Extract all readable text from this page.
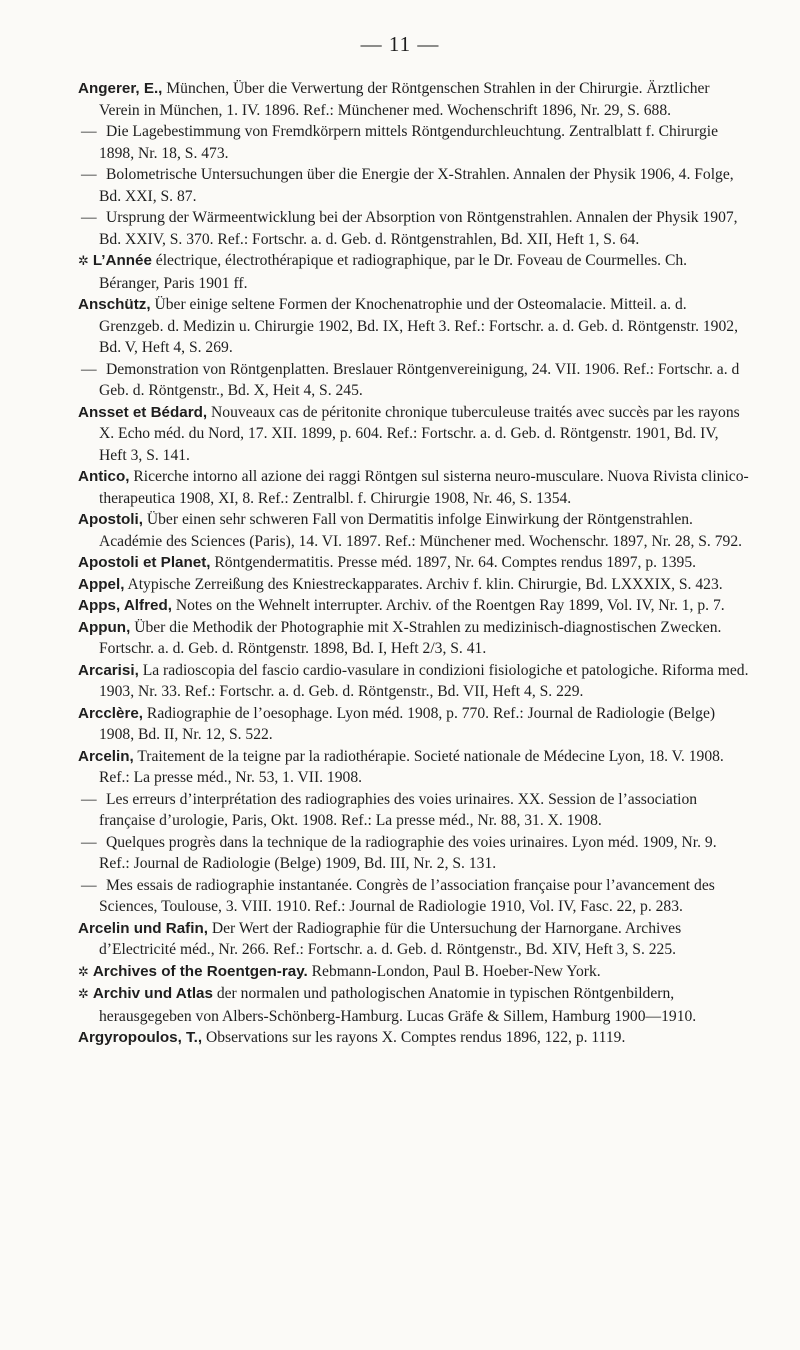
— 11 —

Angerer, E., München, Über die Verwertung der Röntgenschen Strahlen in der Chirurgie. Ärztlicher Verein in München, 1. IV. 1896. Ref.: Münchener med. Wochenschrift 1896, Nr. 29, S. 688.

— Die Lagebestimmung von Fremdkörpern mittels Röntgendurchleuchtung. Zentralblatt f. Chirurgie 1898, Nr. 18, S. 473.

— Bolometrische Untersuchungen über die Energie der X-Strahlen. Annalen der Physik 1906, 4. Folge, Bd. XXI, S. 87.

— Ursprung der Wärmeentwicklung bei der Absorption von Röntgenstrahlen. Annalen der Physik 1907, Bd. XXIV, S. 370. Ref.: Fortschr. a. d. Geb. d. Röntgenstrahlen, Bd. XII, Heft 1, S. 64.

✲ L’Année électrique, électrothérapique et radiographique, par le Dr. Foveau de Courmelles. Ch. Béranger, Paris 1901 ff.

Anschütz, Über einige seltene Formen der Knochenatrophie und der Osteomalacie. Mitteil. a. d. Grenzgeb. d. Medizin u. Chirurgie 1902, Bd. IX, Heft 3. Ref.: Fortschr. a. d. Geb. d. Röntgenstr. 1902, Bd. V, Heft 4, S. 269.

— Demonstration von Röntgenplatten. Breslauer Röntgenvereinigung, 24. VII. 1906. Ref.: Fortschr. a. d Geb. d. Röntgenstr., Bd. X, Heit 4, S. 245.

Ansset et Bédard, Nouveaux cas de péritonite chronique tuberculeuse traités avec succès par les rayons X. Echo méd. du Nord, 17. XII. 1899, p. 604. Ref.: Fortschr. a. d. Geb. d. Röntgenstr. 1901, Bd. IV, Heft 3, S. 141.

Antico, Ricerche intorno all azione dei raggi Röntgen sul sisterna neuro-musculare. Nuova Rivista clinico-therapeutica 1908, XI, 8. Ref.: Zentralbl. f. Chirurgie 1908, Nr. 46, S. 1354.

Apostoli, Über einen sehr schweren Fall von Dermatitis infolge Einwirkung der Röntgenstrahlen. Académie des Sciences (Paris), 14. VI. 1897. Ref.: Münchener med. Wochenschr. 1897, Nr. 28, S. 792.

Apostoli et Planet, Röntgendermatitis. Presse méd. 1897, Nr. 64. Comptes rendus 1897, p. 1395.

Appel, Atypische Zerreißung des Kniestreckapparates. Archiv f. klin. Chirurgie, Bd. LXXXIX, S. 423.

Apps, Alfred, Notes on the Wehnelt interrupter. Archiv. of the Roentgen Ray 1899, Vol. IV, Nr. 1, p. 7.

Appun, Über die Methodik der Photographie mit X-Strahlen zu medizinisch-diagnostischen Zwecken. Fortschr. a. d. Geb. d. Röntgenstr. 1898, Bd. I, Heft 2/3, S. 41.

Arcarisi, La radioscopia del fascio cardio-vasulare in condizioni fisiologiche et patologiche. Riforma med. 1903, Nr. 33. Ref.: Fortschr. a. d. Geb. d. Röntgenstr., Bd. VII, Heft 4, S. 229.

Arcclère, Radiographie de l’oesophage. Lyon méd. 1908, p. 770. Ref.: Journal de Radiologie (Belge) 1908, Bd. II, Nr. 12, S. 522.

Arcelin, Traitement de la teigne par la radiothérapie. Societé nationale de Médecine Lyon, 18. V. 1908. Ref.: La presse méd., Nr. 53, 1. VII. 1908.

— Les erreurs d’interprétation des radiographies des voies urinaires. XX. Session de l’association française d’urologie, Paris, Okt. 1908. Ref.: La presse méd., Nr. 88, 31. X. 1908.

— Quelques progrès dans la technique de la radiographie des voies urinaires. Lyon méd. 1909, Nr. 9. Ref.: Journal de Radiologie (Belge) 1909, Bd. III, Nr. 2, S. 131.

— Mes essais de radiographie instantanée. Congrès de l’association française pour l’avancement des Sciences, Toulouse, 3. VIII. 1910. Ref.: Journal de Radiologie 1910, Vol. IV, Fasc. 22, p. 283.

Arcelin und Rafin, Der Wert der Radiographie für die Untersuchung der Harnorgane. Archives d’Electricité méd., Nr. 266. Ref.: Fortschr. a. d. Geb. d. Röntgenstr., Bd. XIV, Heft 3, S. 225.

✲ Archives of the Roentgen-ray. Rebmann-London, Paul B. Hoeber-New York.

✲ Archiv und Atlas der normalen und pathologischen Anatomie in typischen Röntgenbildern, herausgegeben von Albers-Schönberg-Hamburg. Lucas Gräfe & Sillem, Hamburg 1900—1910.

Argyropoulos, T., Observations sur les rayons X. Comptes rendus 1896, 122, p. 1119.
